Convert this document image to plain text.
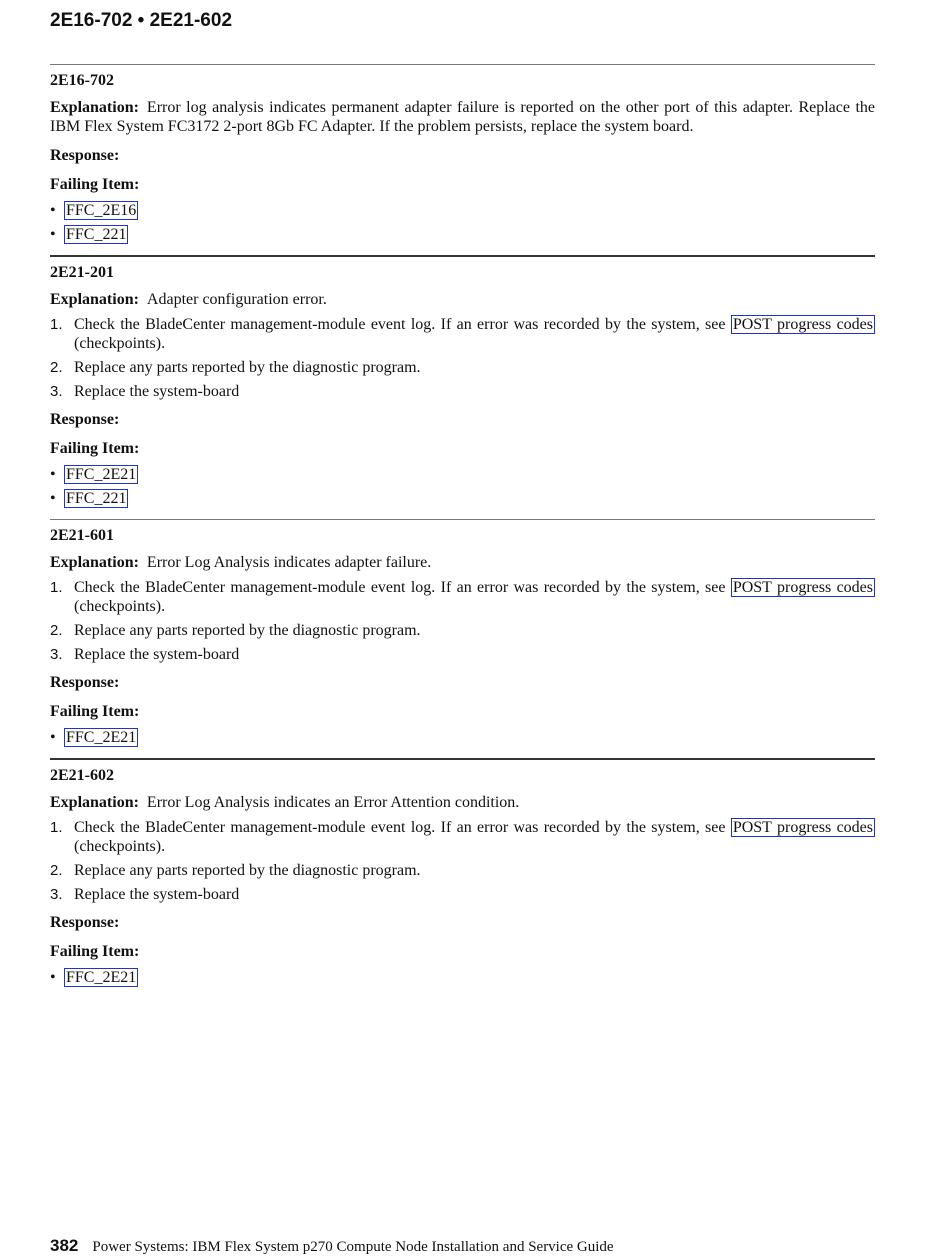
2E16-702 • 2E21-602
2E16-702

Explanation: Error log analysis indicates permanent adapter failure is reported on the other port of this adapter. Replace the IBM Flex System FC3172 2-port 8Gb FC Adapter. If the problem persists, replace the system board.

Response:
Failing Item:
• FFC_2E16
• FFC_221
2E21-201

Explanation: Adapter configuration error.

1. Check the BladeCenter management-module event log. If an error was recorded by the system, see POST progress codes (checkpoints).
2. Replace any parts reported by the diagnostic program.
3. Replace the system-board
Response:
Failing Item:
• FFC_2E21
• FFC_221
2E21-601

Explanation: Error Log Analysis indicates adapter failure.

1. Check the BladeCenter management-module event log. If an error was recorded by the system, see POST progress codes (checkpoints).
2. Replace any parts reported by the diagnostic program.
3. Replace the system-board
Response:
Failing Item:
• FFC_2E21
2E21-602

Explanation: Error Log Analysis indicates an Error Attention condition.

1. Check the BladeCenter management-module event log. If an error was recorded by the system, see POST progress codes (checkpoints).
2. Replace any parts reported by the diagnostic program.
3. Replace the system-board
Response:
Failing Item:
• FFC_2E21
382 Power Systems: IBM Flex System p270 Compute Node Installation and Service Guide
